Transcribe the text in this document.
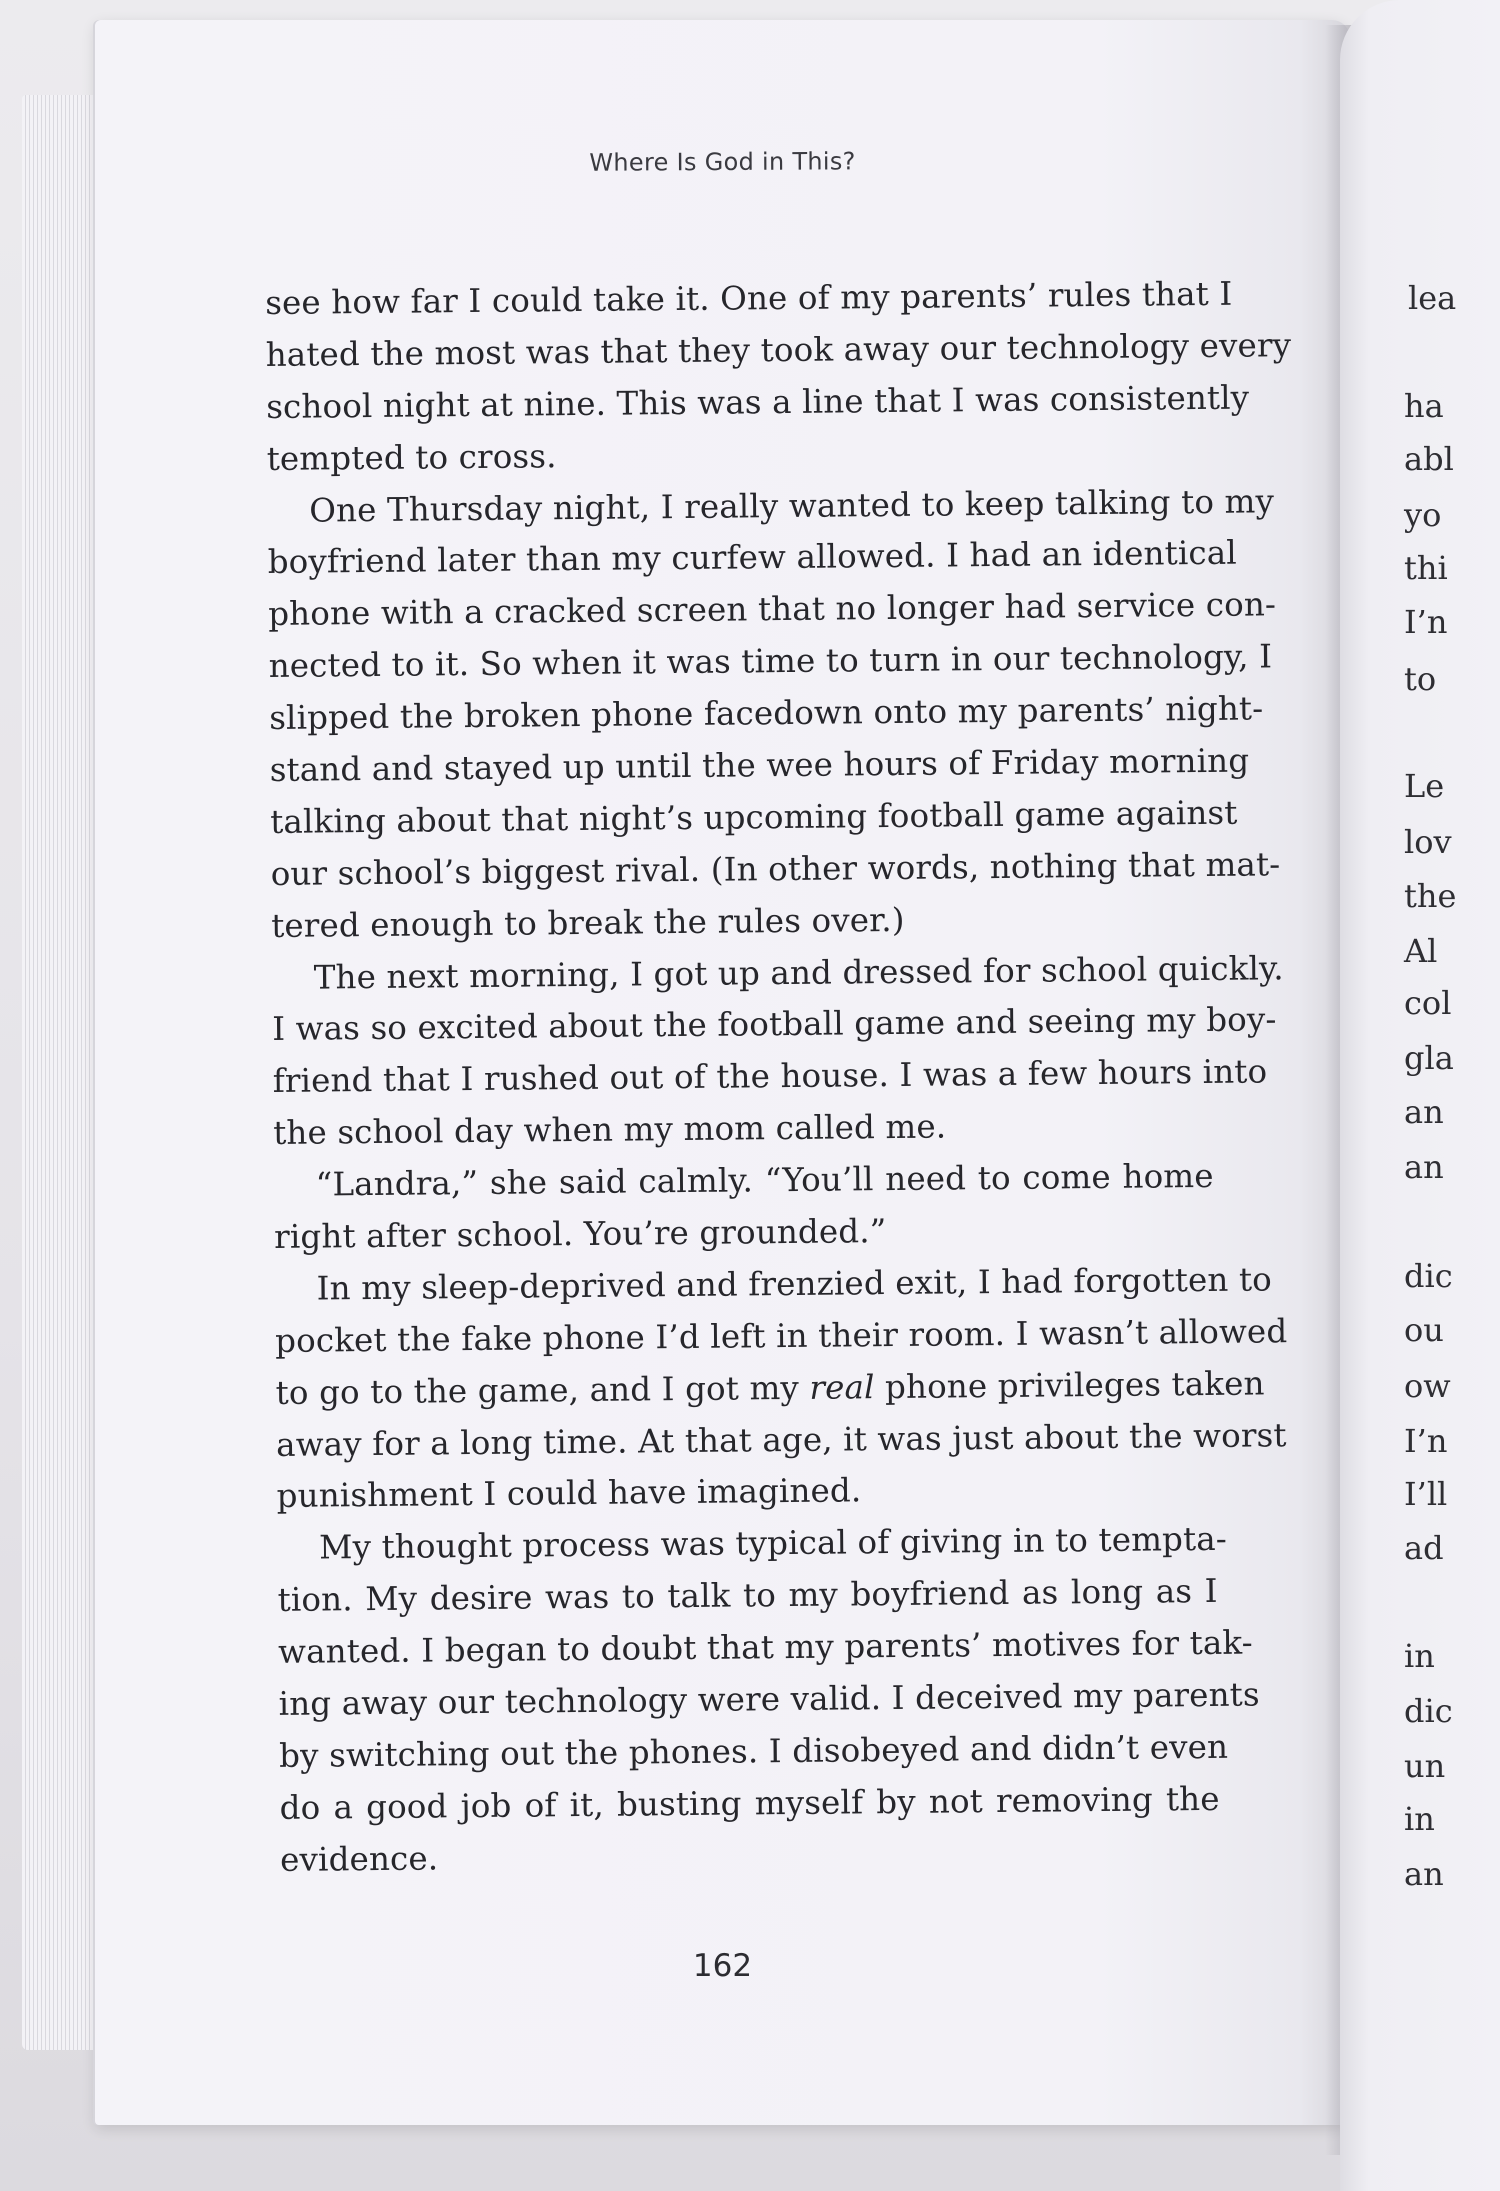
Where Is God in This?

see how far I could take it. One of my parents’ rules that I
hated the most was that they took away our technology every
school night at nine. This was a line that I was consistently
tempted to cross.
One Thursday night, I really wanted to keep talking to my
boyfriend later than my curfew allowed. I had an identical
phone with a cracked screen that no longer had service con-
nected to it. So when it was time to turn in our technology, I
slipped the broken phone facedown onto my parents’ night-
stand and stayed up until the wee hours of Friday morning
talking about that night’s upcoming football game against
our school’s biggest rival. (In other words, nothing that mat-
tered enough to break the rules over.)
The next morning, I got up and dressed for school quickly.
I was so excited about the football game and seeing my boy-
friend that I rushed out of the house. I was a few hours into
the school day when my mom called me.
“Landra,” she said calmly. “You’ll need to come home
right after school. You’re grounded.”
In my sleep-deprived and frenzied exit, I had forgotten to
pocket the fake phone I’d left in their room. I wasn’t allowed
to go to the game, and I got my real phone privileges taken
away for a long time. At that age, it was just about the worst
punishment I could have imagined.
My thought process was typical of giving in to tempta-
tion. My desire was to talk to my boyfriend as long as I
wanted. I began to doubt that my parents’ motives for tak-
ing away our technology were valid. I deceived my parents
by switching out the phones. I disobeyed and didn’t even
do a good job of it, busting myself by not removing the
evidence.

162

lea

ha

abl

yo

thi

I’n

to

Le

lov

the

Al

col

gla

an

an

dic

ou

ow

I’n

I’ll

ad

in

dic

un

in

an
